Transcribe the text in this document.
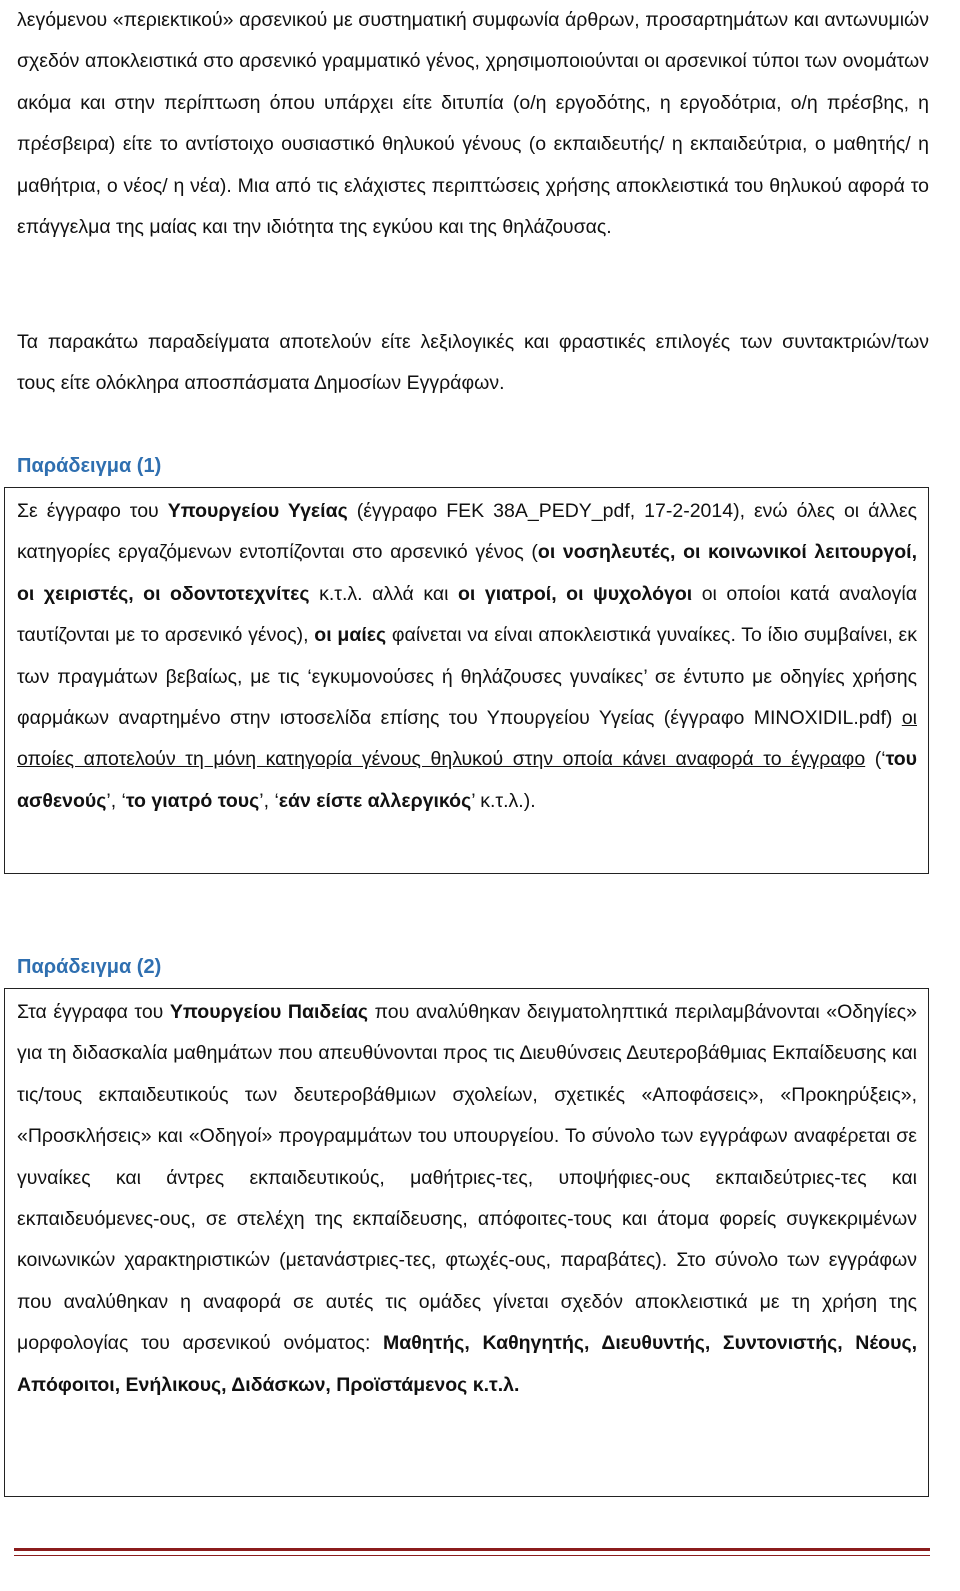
λεγόμενου «περιεκτικού» αρσενικού με συστηματική συμφωνία άρθρων, προσαρτημάτων και αντωνυμιών σχεδόν αποκλειστικά στο αρσενικό γραμματικό γένος, χρησιμοποιούνται οι αρσενικοί τύποι των ονομάτων ακόμα και στην περίπτωση όπου υπάρχει είτε διτυπία (ο/η εργοδότης, η εργοδότρια, ο/η πρέσβης, η πρέσβειρα) είτε το αντίστοιχο ουσιαστικό θηλυκού γένους (ο εκπαιδευτής/ η εκπαιδεύτρια, ο μαθητής/ η μαθήτρια, ο νέος/ η νέα). Μια από τις ελάχιστες περιπτώσεις χρήσης αποκλειστικά του θηλυκού αφορά το επάγγελμα της μαίας και την ιδιότητα της εγκύου και της θηλάζουσας.

Τα παρακάτω παραδείγματα αποτελούν είτε λεξιλογικές και φραστικές επιλογές των συντακτριών/των τους είτε ολόκληρα αποσπάσματα Δημοσίων Εγγράφων.

Παράδειγμα (1)

Σε έγγραφο του Υπουργείου Υγείας (έγγραφο FEK 38A_PEDY_pdf, 17-2-2014), ενώ όλες οι άλλες κατηγορίες εργαζόμενων εντοπίζονται στο αρσενικό γένος (οι νοσηλευτές, οι κοινωνικοί λειτουργοί, οι χειριστές, οι οδοντοτεχνίτες κ.τ.λ. αλλά και οι γιατροί, οι ψυχολόγοι οι οποίοι κατά αναλογία ταυτίζονται με το αρσενικό γένος), οι μαίες φαίνεται να είναι αποκλειστικά γυναίκες. Το ίδιο συμβαίνει, εκ των πραγμάτων βεβαίως, με τις ‘εγκυμονούσες ή θηλάζουσες γυναίκες’ σε έντυπο με οδηγίες χρήσης φαρμάκων αναρτημένο στην ιστοσελίδα επίσης του Υπουργείου Υγείας (έγγραφο MINOXIDIL.pdf) οι οποίες αποτελούν τη μόνη κατηγορία γένους θηλυκού στην οποία κάνει αναφορά το έγγραφο (‘του ασθενούς’, ‘το γιατρό τους’, ‘εάν είστε αλλεργικός’ κ.τ.λ.).

Παράδειγμα (2)

Στα έγγραφα του Υπουργείου Παιδείας που αναλύθηκαν δειγματοληπτικά περιλαμβάνονται «Οδηγίες» για τη διδασκαλία μαθημάτων που απευθύνονται προς τις Διευθύνσεις Δευτεροβάθμιας Εκπαίδευσης και τις/τους εκπαιδευτικούς των δευτεροβάθμιων σχολείων, σχετικές «Αποφάσεις», «Προκηρύξεις», «Προσκλήσεις» και «Οδηγοί» προγραμμάτων του υπουργείου. Το σύνολο των εγγράφων αναφέρεται σε γυναίκες και άντρες εκπαιδευτικούς, μαθήτριες-τες, υποψήφιες-ους εκπαιδεύτριες-τες και εκπαιδευόμενες-ους, σε στελέχη της εκπαίδευσης, απόφοιτες-τους και άτομα φορείς συγκεκριμένων κοινωνικών χαρακτηριστικών (μετανάστριες-τες, φτωχές-ους, παραβάτες). Στο σύνολο των εγγράφων που αναλύθηκαν η αναφορά σε αυτές τις ομάδες γίνεται σχεδόν αποκλειστικά με τη χρήση της μορφολογίας του αρσενικού ονόματος: Μαθητής, Καθηγητής, Διευθυντής, Συντονιστής, Νέους, Απόφοιτοι, Ενήλικους, Διδάσκων, Προϊστάμενος κ.τ.λ.
